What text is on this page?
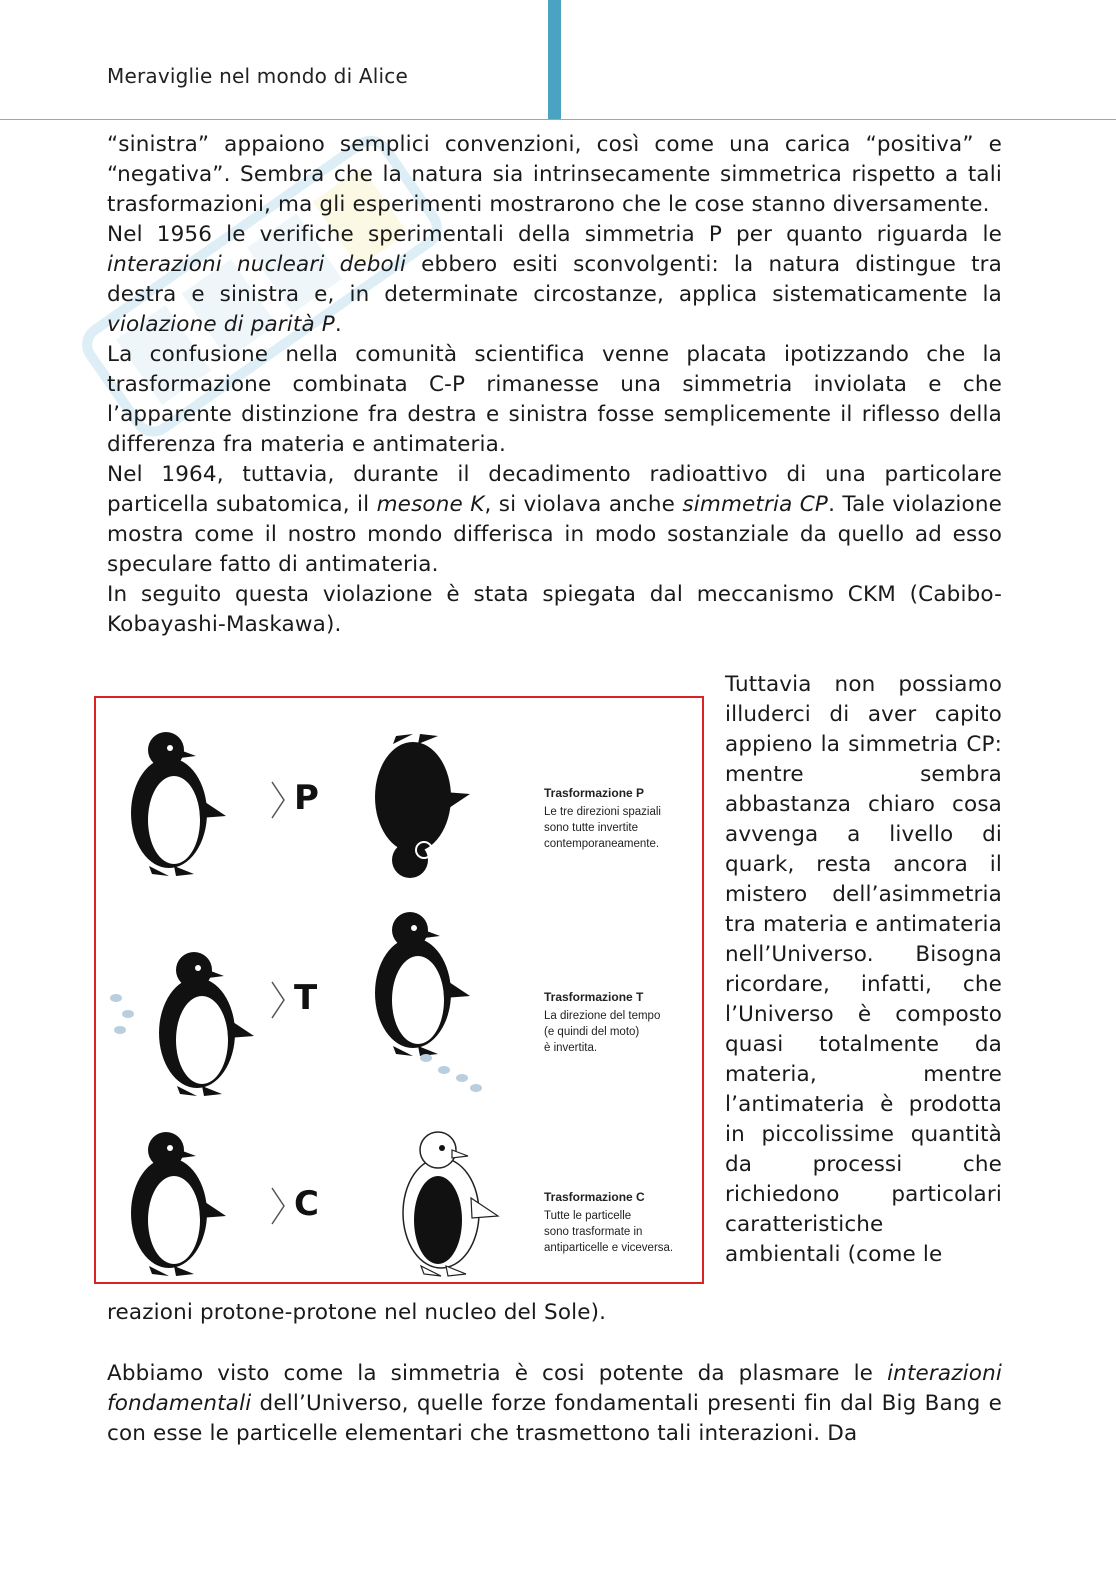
Meraviglie nel mondo di Alice

“sinistra” appaiono semplici convenzioni, così come una carica “positiva” e “negativa”. Sembra che la natura sia intrinsecamente simmetrica rispetto a tali trasformazioni, ma gli esperimenti mostrarono che le cose stanno diversamente.

Nel 1956 le verifiche sperimentali della simmetria P per quanto riguarda le interazioni nucleari deboli ebbero esiti sconvolgenti: la natura distingue tra destra e sinistra e, in determinate circostanze, applica sistematicamente la violazione di parità P.

La confusione nella comunità scientifica venne placata ipotizzando che la trasformazione combinata C-P rimanesse una simmetria inviolata e che l’apparente distinzione fra destra e sinistra fosse semplicemente il riflesso della differenza fra materia e antimateria.

Nel 1964, tuttavia, durante il decadimento radioattivo di una particolare particella subatomica, il mesone K, si violava anche simmetria CP. Tale violazione mostra come il nostro mondo differisca in modo sostanziale da quello ad esso speculare fatto di antimateria.

In seguito questa violazione è stata spiegata dal meccanismo CKM (Cabibo-Kobayashi-Maskawa).

P	Trasformazione P
Le tre direzioni spaziali
sono tutte invertite
contemporaneamente.
T	Trasformazione T
La direzione del tempo
(e quindi del moto)
è invertita.
C	Trasformazione C
Tutte le particelle
sono trasformate in
antiparticelle e viceversa.

Tuttavia non possiamo illuderci di aver capito appieno la simmetria CP: mentre sembra abbastanza chiaro cosa avvenga a livello di quark, resta ancora il mistero dell’asimmetria tra materia e antimateria nell’Universo. Bisogna ricordare, infatti, che l’Universo è composto quasi totalmente da materia, mentre l’antimateria è prodotta in piccolissime quantità da processi che richiedono particolari caratteristiche ambientali (come le

reazioni protone-protone nel nucleo del Sole).

Abbiamo visto come la simmetria è cosi potente da plasmare le interazioni fondamentali dell’Universo, quelle forze fondamentali presenti fin dal Big Bang e con esse le particelle elementari che trasmettono tali interazioni. Da
